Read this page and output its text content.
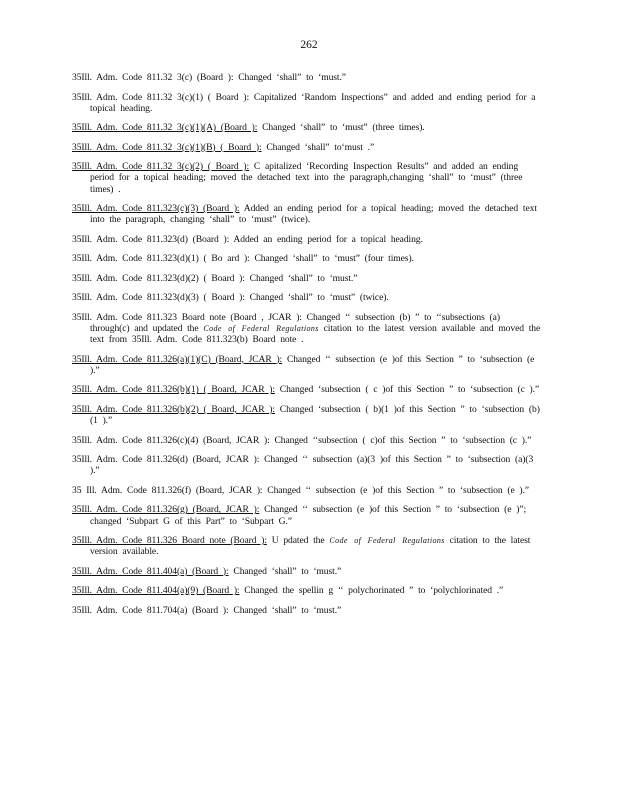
262
35Ill. Adm. Code 811.32 3(c) (Board ): Changed ‘shall” to ‘must.”
35Ill. Adm. Code 811.32 3(c)(1) ( Board ): Capitalized ‘Random Inspections” and added and ending period for a topical heading.
35Ill. Adm. Code 811.32 3(c)(1)(A) (Board ): Changed ‘shall” to ‘must” (three times).
35Ill. Adm. Code 811.32 3(c)(1)(B) ( Board ): Changed ‘shall” to‘must .”
35Ill. Adm. Code 811.32 3(c)(2) ( Board ): C apitalized ‘Recording Inspection Results” and added an ending period for a topical heading; moved the detached text into the paragraph,changing ‘shall” to ‘must” (three times) .
35Ill. Adm. Code 811.323(c)(3) (Board ): Added an ending period for a topical heading; moved the detached text into the paragraph, changing ‘shall” to ‘must” (twice).
35Ill. Adm. Code 811.323(d) (Board ): Added an ending period for a topical heading.
35Ill. Adm. Code 811.323(d)(1) ( Bo ard ): Changed ‘shall” to ‘must” (four times).
35Ill. Adm. Code 811.323(d)(2) ( Board ): Changed ‘shall” to ‘must.”
35Ill. Adm. Code 811.323(d)(3) ( Board ): Changed ‘shall” to ‘must” (twice).
35Ill. Adm. Code 811.323 Board note (Board , JCAR ): Changed ‘‘ subsection (b) ” to ‘‘subsections (a) through(c) and updated the Code of Federal Regulations citation to the latest version available and moved the text from 35Ill. Adm. Code 811.323(b) Board note .
35Ill. Adm. Code 811.326(a)(1)(C) (Board, JCAR ): Changed ‘‘ subsection (e )of this Section ” to ‘subsection (e ).”
35Ill. Adm. Code 811.326(b)(1) ( Board, JCAR ): Changed ‘subsection ( c )of this Section ” to ‘subsection (c ).”
35Ill. Adm. Code 811.326(b)(2) ( Board, JCAR ): Changed ‘subsection ( b)(1 )of this Section ” to ‘subsection (b)(1 ).”
35Ill. Adm. Code 811.326(c)(4) (Board, JCAR ): Changed ‘‘subsection ( c)of this Section ” to ‘subsection (c ).”
35Ill. Adm. Code 811.326(d) (Board, JCAR ): Changed ‘‘ subsection (a)(3 )of this Section ” to ‘subsection (a)(3 ).”
35 Ill. Adm. Code 811.326(f) (Board, JCAR ): Changed ‘‘ subsection (e )of this Section ” to ‘subsection (e ).”
35Ill. Adm. Code 811.326(g) (Board, JCAR ): Changed ‘‘ subsection (e )of this Section ” to ‘subsection (e )”; changed ‘Subpart G of this Part” to ‘Subpart G.”
35Ill. Adm. Code 811.326 Board note (Board ): U pdated the Code of Federal Regulations citation to the latest version available.
35Ill. Adm. Code 811.404(a) (Board ): Changed ‘shall” to ‘must.”
35Ill. Adm. Code 811.404(a)(9) (Board ): Changed the spellin g ‘‘ polychorinated ” to ‘polychlorinated .”
35Ill. Adm. Code 811.704(a) (Board ): Changed ‘shall” to ‘must.”
